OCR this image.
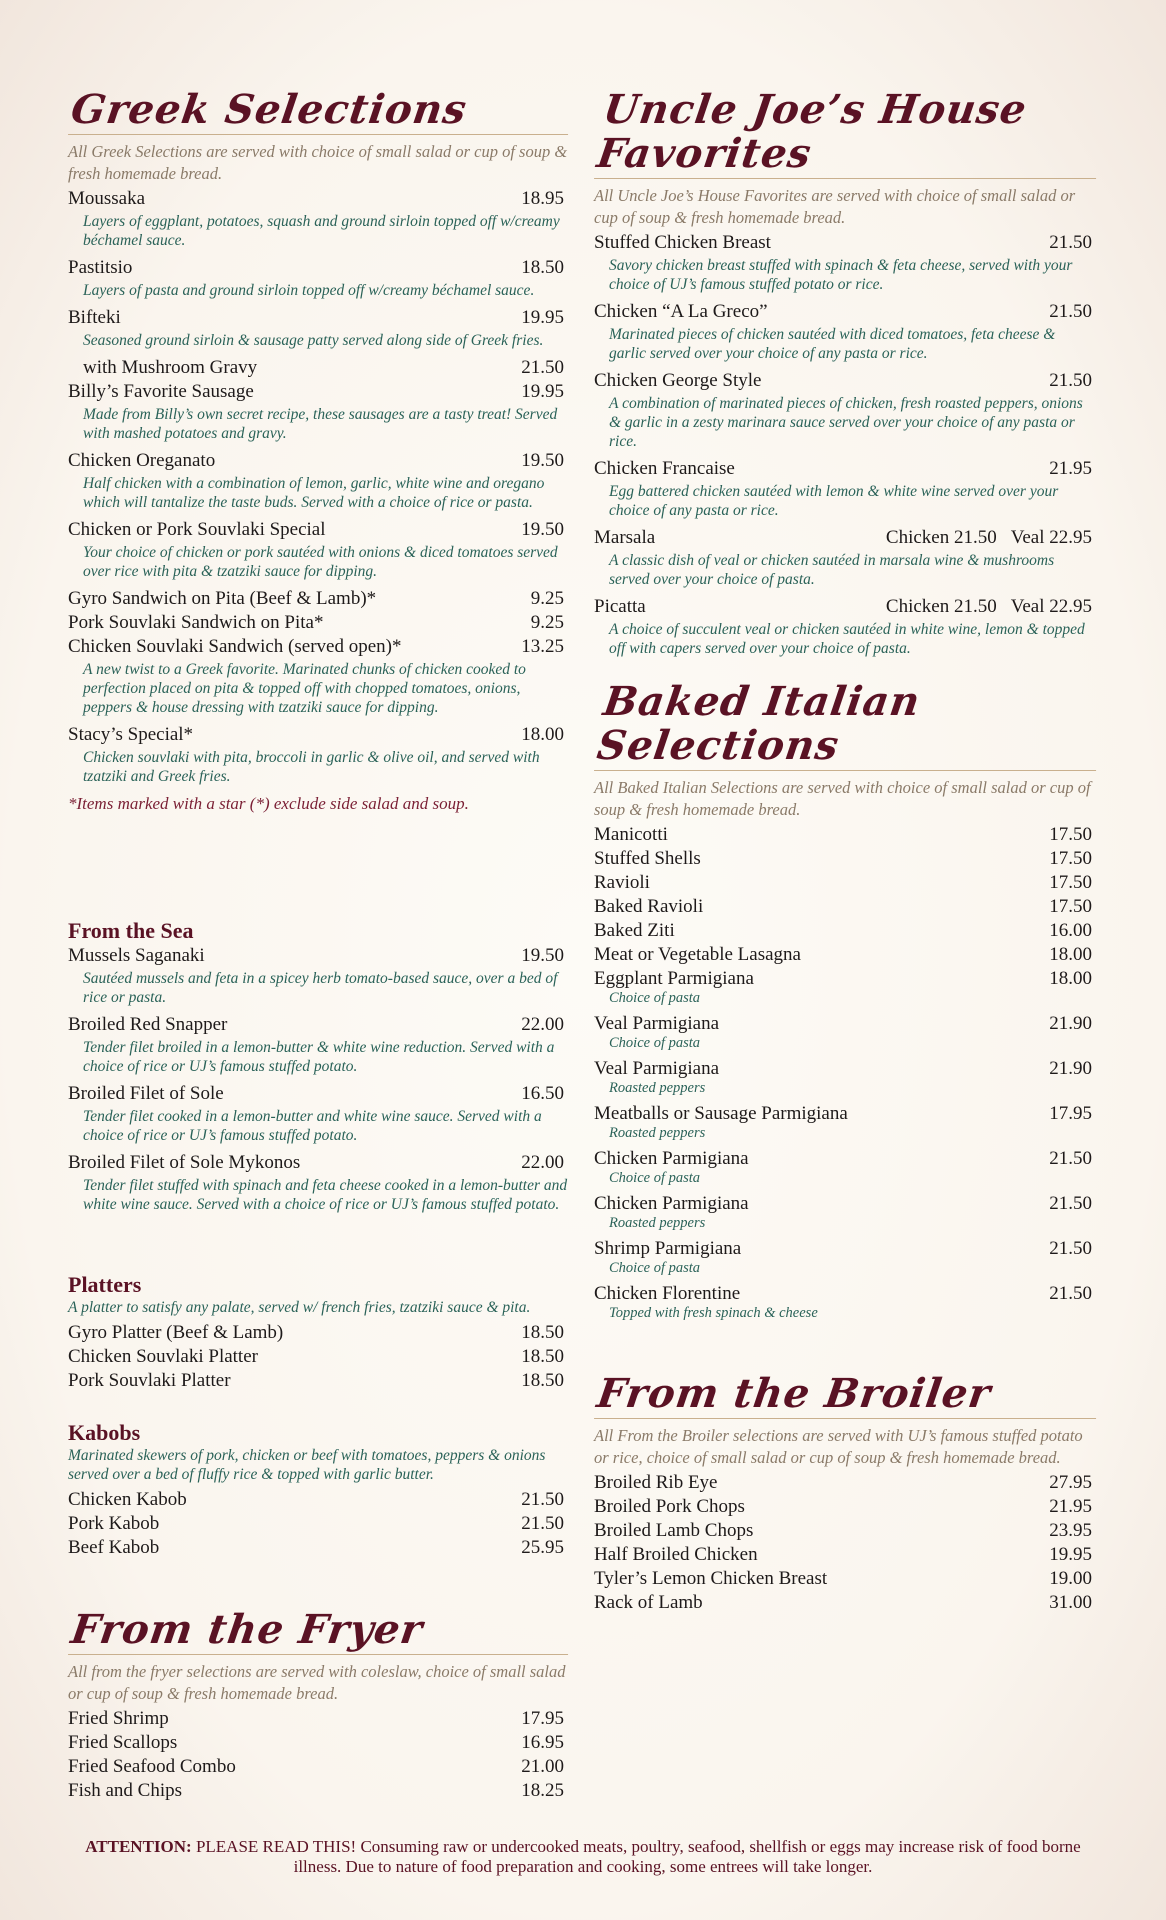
Greek Selections

All Greek Selections are served with choice of small salad or cup of soup & fresh homemade bread.

Moussaka	18.95
Layers of eggplant, potatoes, squash and ground sirloin topped off w/creamy béchamel sauce.
Pastitsio	18.50
Layers of pasta and ground sirloin topped off w/creamy béchamel sauce.
Bifteki	19.95
Seasoned ground sirloin & sausage patty served along side of Greek fries.
with Mushroom Gravy	21.50
Billy’s Favorite Sausage	19.95
Made from Billy’s own secret recipe, these sausages are a tasty treat! Served with mashed potatoes and gravy.
Chicken Oreganato	19.50
Half chicken with a combination of lemon, garlic, white wine and oregano which will tantalize the taste buds. Served with a choice of rice or pasta.
Chicken or Pork Souvlaki Special	19.50
Your choice of chicken or pork sautéed with onions & diced tomatoes served over rice with pita & tzatziki sauce for dipping.
Gyro Sandwich on Pita (Beef & Lamb)*	9.25
Pork Souvlaki Sandwich on Pita*	9.25
Chicken Souvlaki Sandwich (served open)*	13.25
A new twist to a Greek favorite. Marinated chunks of chicken cooked to perfection placed on pita & topped off with chopped tomatoes, onions, peppers & house dressing with tzatziki sauce for dipping.
Stacy’s Special*	18.00
Chicken souvlaki with pita, broccoli in garlic & olive oil, and served with tzatziki and Greek fries.

*Items marked with a star (*) exclude side salad and soup.

From the Sea
Mussels Saganaki	19.50
Sautéed mussels and feta in a spicey herb tomato-based sauce, over a bed of rice or pasta.
Broiled Red Snapper	22.00
Tender filet broiled in a lemon-butter & white wine reduction. Served with a choice of rice or UJ’s famous stuffed potato.
Broiled Filet of Sole	16.50
Tender filet cooked in a lemon-butter and white wine sauce. Served with a choice of rice or UJ’s famous stuffed potato.
Broiled Filet of Sole Mykonos	22.00
Tender filet stuffed with spinach and feta cheese cooked in a lemon-butter and white wine sauce. Served with a choice of rice or UJ’s famous stuffed potato.
Platters

A platter to satisfy any palate, served w/ french fries, tzatziki sauce & pita.

Gyro Platter (Beef & Lamb)	18.50
Chicken Souvlaki Platter	18.50
Pork Souvlaki Platter	18.50
Kabobs

Marinated skewers of pork, chicken or beef with tomatoes, peppers & onions served over a bed of fluffy rice & topped with garlic butter.

Chicken Kabob	21.50
Pork Kabob	21.50
Beef Kabob	25.95
From the Fryer

All from the fryer selections are served with coleslaw, choice of small salad or cup of soup & fresh homemade bread.

Fried Shrimp	17.95
Fried Scallops	16.95
Fried Seafood Combo	21.00
Fish and Chips	18.25
Uncle Joe’s House Favorites

All Uncle Joe’s House Favorites are served with choice of small salad or cup of soup & fresh homemade bread.

Stuffed Chicken Breast	21.50
Savory chicken breast stuffed with spinach & feta cheese, served with your choice of UJ’s famous stuffed potato or rice.
Chicken “A La Greco”	21.50
Marinated pieces of chicken sautéed with diced tomatoes, feta cheese & garlic served over your choice of any pasta or rice.
Chicken George Style	21.50
A combination of marinated pieces of chicken, fresh roasted peppers, onions & garlic in a zesty marinara sauce served over your choice of any pasta or rice.
Chicken Francaise	21.95
Egg battered chicken sautéed with lemon & white wine served over your choice of any pasta or rice.
Marsala	Chicken 21.50 Veal 22.95
A classic dish of veal or chicken sautéed in marsala wine & mushrooms served over your choice of pasta.
Picatta	Chicken 21.50 Veal 22.95
A choice of succulent veal or chicken sautéed in white wine, lemon & topped off with capers served over your choice of pasta.
Baked Italian Selections

All Baked Italian Selections are served with choice of small salad or cup of soup & fresh homemade bread.

Manicotti	17.50
Stuffed Shells	17.50
Ravioli	17.50
Baked Ravioli	17.50
Baked Ziti	16.00
Meat or Vegetable Lasagna	18.00
Eggplant Parmigiana	18.00
Choice of pasta
Veal Parmigiana	21.90
Choice of pasta
Veal Parmigiana	21.90
Roasted peppers
Meatballs or Sausage Parmigiana	17.95
Roasted peppers
Chicken Parmigiana	21.50
Choice of pasta
Chicken Parmigiana	21.50
Roasted peppers
Shrimp Parmigiana	21.50
Choice of pasta
Chicken Florentine	21.50
Topped with fresh spinach & cheese
From the Broiler

All From the Broiler selections are served with UJ’s famous stuffed potato or rice, choice of small salad or cup of soup & fresh homemade bread.

Broiled Rib Eye	27.95
Broiled Pork Chops	21.95
Broiled Lamb Chops	23.95
Half Broiled Chicken	19.95
Tyler’s Lemon Chicken Breast	19.00
Rack of Lamb	31.00
ATTENTION: PLEASE READ THIS! Consuming raw or undercooked meats, poultry, seafood, shellfish or eggs may increase risk of food borne illness. Due to nature of food preparation and cooking, some entrees will take longer.
